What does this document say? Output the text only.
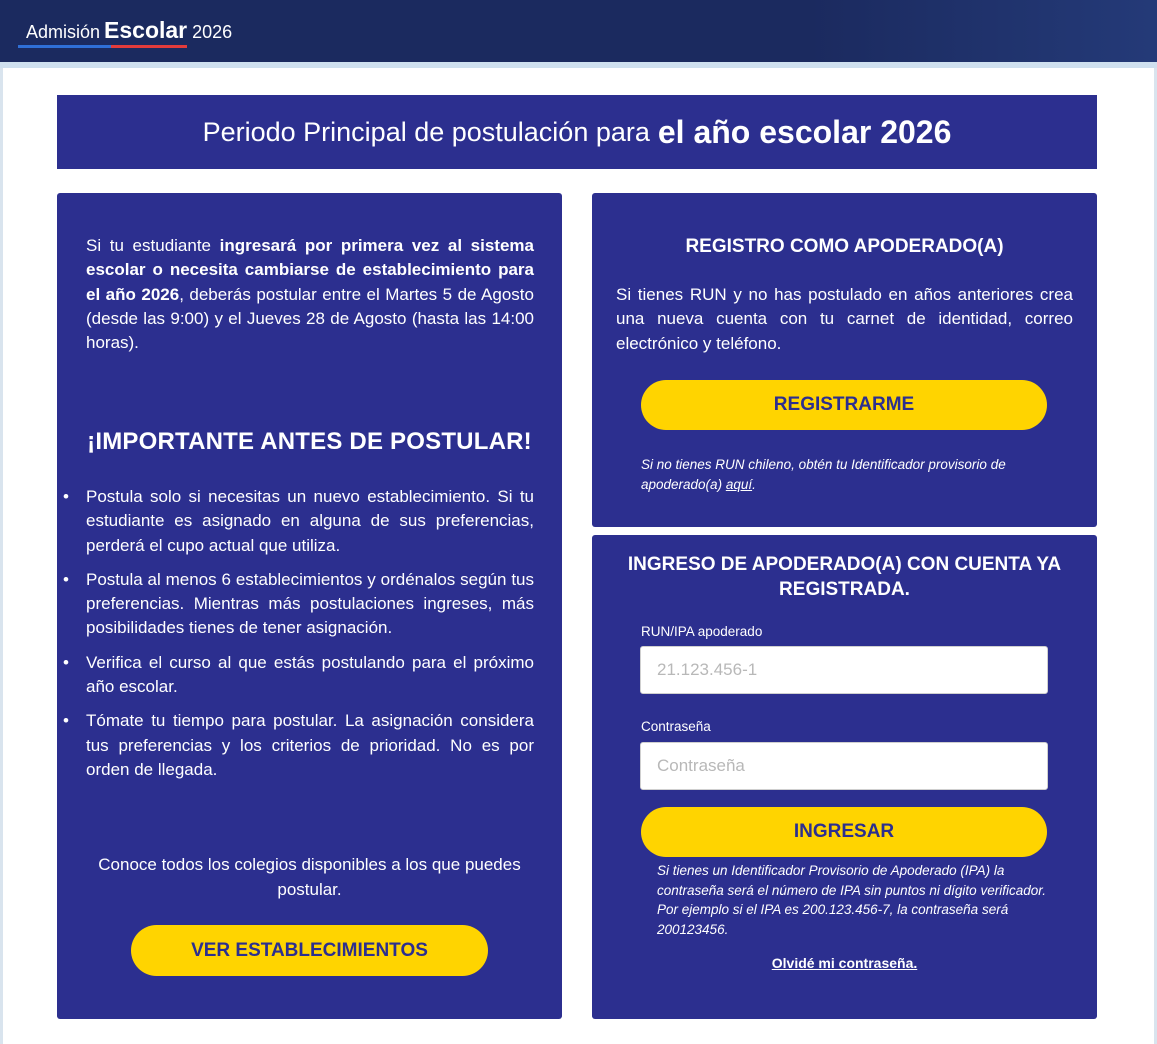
Admisión Escolar 2026
Periodo Principal de postulación para el año escolar 2026

Si tu estudiante ingresará por primera vez al sistema escolar o necesita cambiarse de establecimiento para el año 2026, deberás postular entre el Martes 5 de Agosto (desde las 9:00) y el Jueves 28 de Agosto (hasta las 14:00 horas).

¡IMPORTANTE ANTES DE POSTULAR!
• Postula solo si necesitas un nuevo establecimiento. Si tu estudiante es asignado en alguna de sus preferencias, perderá el cupo actual que utiliza.
• Postula al menos 6 establecimientos y ordénalos según tus preferencias. Mientras más postulaciones ingreses, más posibilidades tienes de tener asignación.
• Verifica el curso al que estás postulando para el próximo año escolar.
• Tómate tu tiempo para postular. La asignación considera tus preferencias y los criterios de prioridad. No es por orden de llegada.

Conoce todos los colegios disponibles a los que puedes postular.

VER ESTABLECIMIENTOS
REGISTRO COMO APODERADO(A)

Si tienes RUN y no has postulado en años anteriores crea una nueva cuenta con tu carnet de identidad, correo electrónico y teléfono.

REGISTRARME

Si no tienes RUN chileno, obtén tu Identificador provisorio de apoderado(a) aquí.

INGRESO DE APODERADO(A) CON CUENTA YA REGISTRADA.
RUN/IPA apoderado
21.123.456-1
Contraseña
INGRESAR

Si tienes un Identificador Provisorio de Apoderado (IPA) la contraseña será el número de IPA sin puntos ni dígito verificador. Por ejemplo si el IPA es 200.123.456-7, la contraseña será 200123456.

Olvidé mi contraseña.
